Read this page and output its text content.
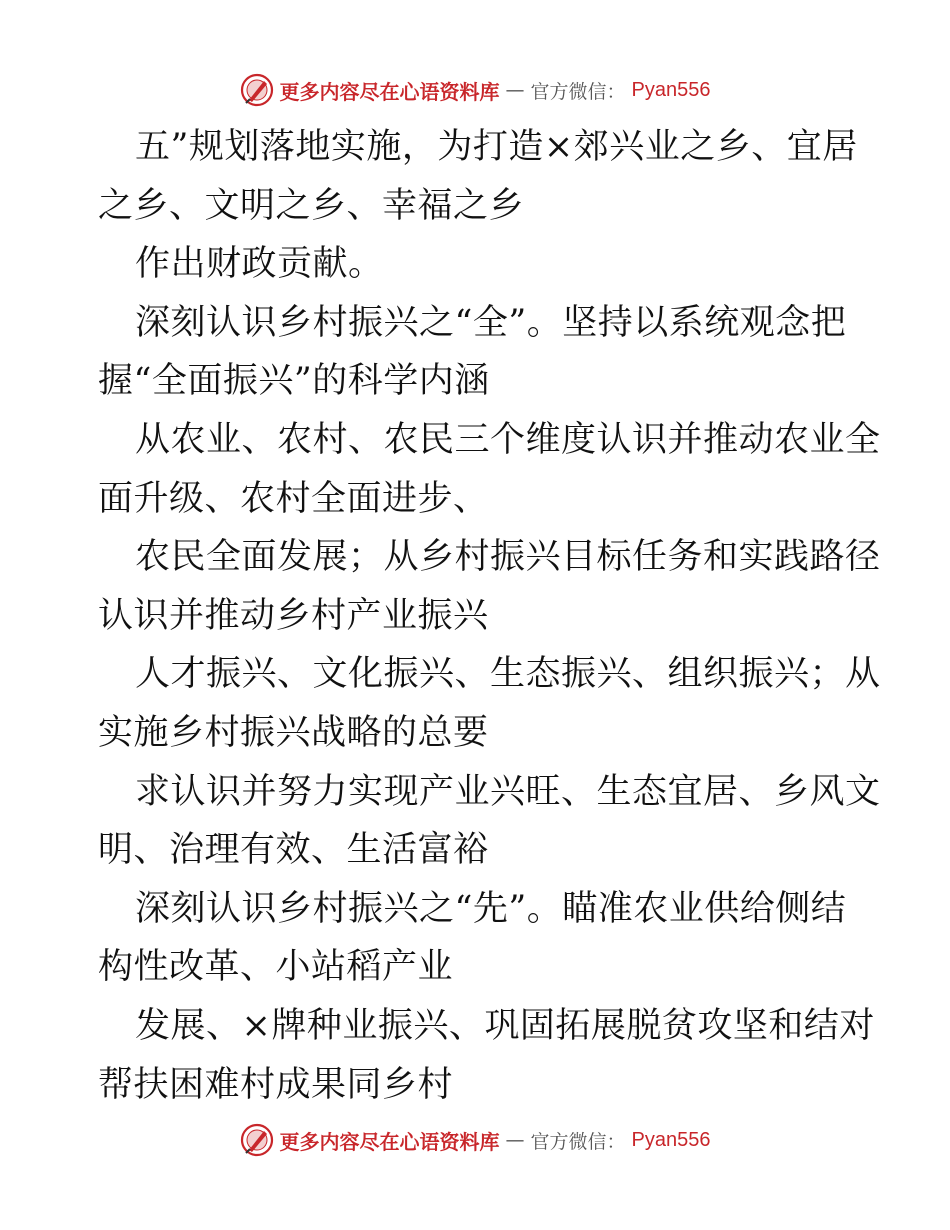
更多内容尽在心语资料库 — 官方微信： Pyan556
五”规划落地实施，为打造×郊兴业之乡、宜居
之乡、文明之乡、幸福之乡
作出财政贡献。
深刻认识乡村振兴之“全”。坚持以系统观念把
握“全面振兴”的科学内涵
从农业、农村、农民三个维度认识并推动农业全
面升级、农村全面进步、
农民全面发展；从乡村振兴目标任务和实践路径
认识并推动乡村产业振兴
人才振兴、文化振兴、生态振兴、组织振兴；从
实施乡村振兴战略的总要
求认识并努力实现产业兴旺、生态宜居、乡风文
明、治理有效、生活富裕
深刻认识乡村振兴之“先”。瞄准农业供给侧结
构性改革、小站稻产业
发展、×牌种业振兴、巩固拓展脱贫攻坚和结对
帮扶困难村成果同乡村
更多内容尽在心语资料库 — 官方微信： Pyan556
